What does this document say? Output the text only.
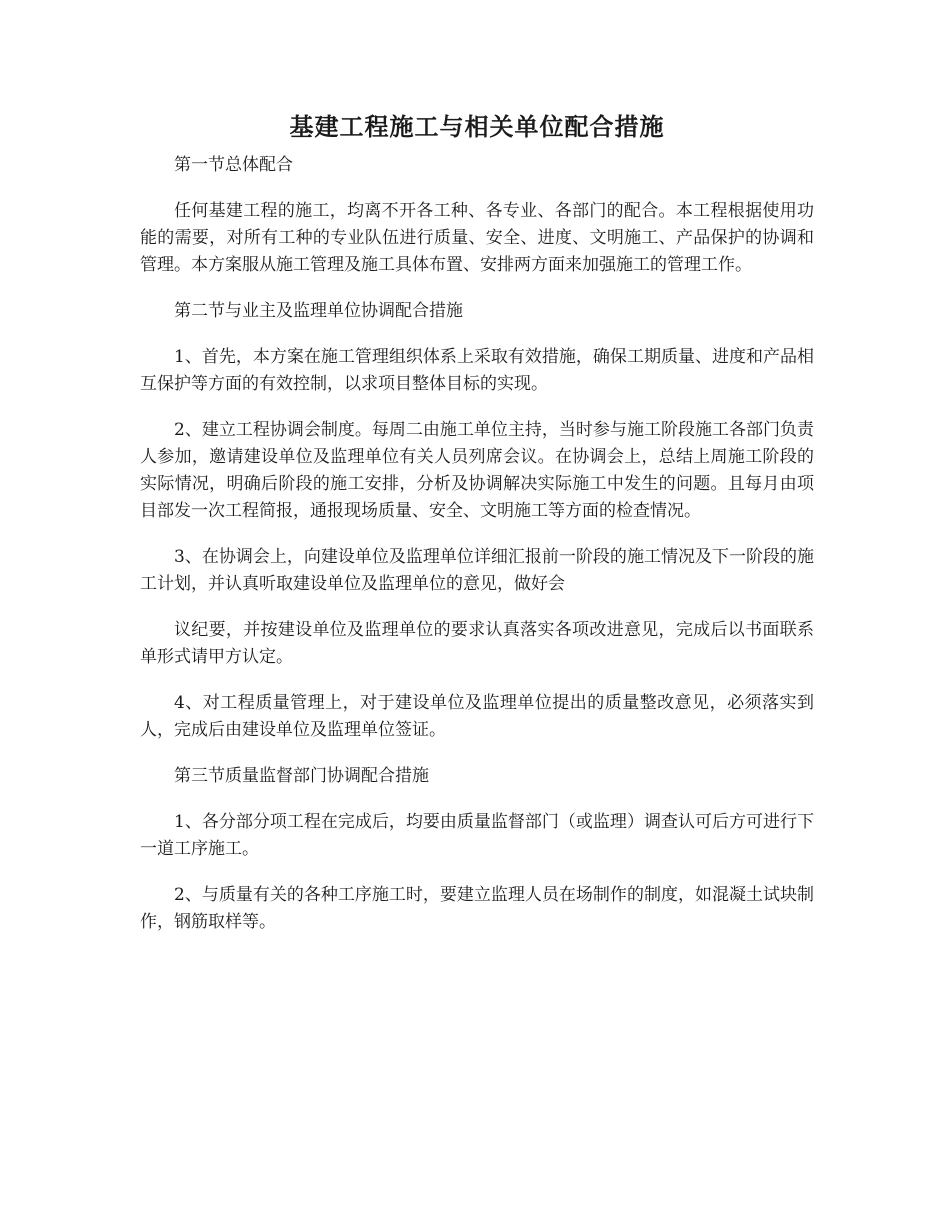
基建工程施工与相关单位配合措施

第一节总体配合

任何基建工程的施工，均离不开各工种、各专业、各部门的配合。本工程根据使用功能的需要，对所有工种的专业队伍进行质量、安全、进度、文明施工、产品保护的协调和管理。本方案服从施工管理及施工具体布置、安排两方面来加强施工的管理工作。

第二节与业主及监理单位协调配合措施

1、首先，本方案在施工管理组织体系上采取有效措施，确保工期质量、进度和产品相互保护等方面的有效控制，以求项目整体目标的实现。

2、建立工程协调会制度。每周二由施工单位主持，当时参与施工阶段施工各部门负责人参加，邀请建设单位及监理单位有关人员列席会议。在协调会上，总结上周施工阶段的实际情况，明确后阶段的施工安排，分析及协调解决实际施工中发生的问题。且每月由项目部发一次工程简报，通报现场质量、安全、文明施工等方面的检查情况。

3、在协调会上，向建设单位及监理单位详细汇报前一阶段的施工情况及下一阶段的施工计划，并认真听取建设单位及监理单位的意见，做好会

议纪要，并按建设单位及监理单位的要求认真落实各项改进意见，完成后以书面联系单形式请甲方认定。

4、对工程质量管理上，对于建设单位及监理单位提出的质量整改意见，必须落实到人，完成后由建设单位及监理单位签证。

第三节质量监督部门协调配合措施

1、各分部分项工程在完成后，均要由质量监督部门（或监理）调查认可后方可进行下一道工序施工。

2、与质量有关的各种工序施工时，要建立监理人员在场制作的制度，如混凝土试块制作，钢筋取样等。
